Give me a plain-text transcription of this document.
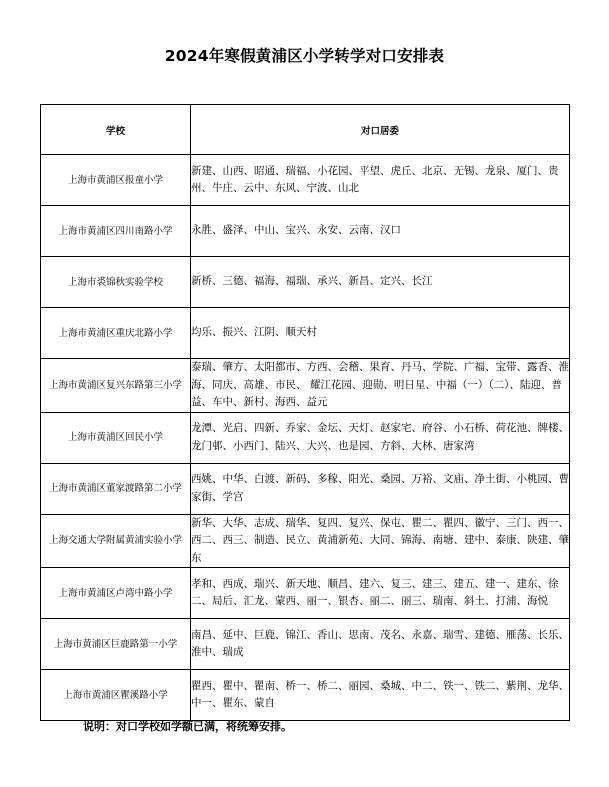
2024年寒假黄浦区小学转学对口安排表
学校	对口居委
上海市黄浦区报童小学	新建、山西、昭通、瑞福、小花园、平望、虎丘、北京、无锡、龙泉、厦门、贵州、牛庄、云中、东风、宁波、山北
上海市黄浦区四川南路小学	永胜、盛泽、中山、宝兴、永安、云南、汉口
上海市裘锦秋实验学校	新桥、三德、福海、福瑞、承兴、新昌、定兴、长江
上海市黄浦区重庆北路小学	均乐、振兴、江阴、顺天村
上海市黄浦区复兴东路第三小学	泰瑞、肇方、太阳都市、方西、会稽、果育、丹马、学院、广福、宝带、露香、淮海、同庆、高雄、市民、 耀江花园、迎勋、明日星、中福（一）（二）、陆迎、普益、车中、新村、海西、益元
上海市黄浦区回民小学	龙潭、光启、四新、乔家、金坛、天灯、赵家宅、府谷、小石桥、荷花池、牌楼、龙门邨、小西门、陆兴、大兴、也是园、方斜、大林、唐家湾
上海市黄浦区董家渡路第二小学	西姚、中华、白渡、新码、多稼、阳光、桑园、万裕、文庙、净土街、小桃园、曹家街、学宫
上海交通大学附属黄浦实验小学	新华、大华、志成、瑞华、复四、复兴、保屯、瞿二、瞿四、徽宁、三门、西一、西二、西三、制造、民立、黄浦新苑、大同、锦海、南塘、建中、泰康、陕建、肇东
上海市黄浦区卢湾中路小学	孝和、西成、瑞兴、新天地、顺昌、建六、复三、建三、建五、建一、建东、徐二、局后、汇龙、蒙西、丽一、银杏、丽二、丽三、瑞南、斜土、打浦、海悦
上海市黄浦区巨鹿路第一小学	南昌、延中、巨鹿、锦江、香山、思南、茂名、永嘉、瑞雪、建德、雁荡、长乐、淮中、瑞成
上海市黄浦区瞿溪路小学	瞿西、瞿中、瞿南、桥一、桥二、丽园、桑城、中二、铁一、铁二、紫荆、龙华、中一、瞿东、蒙自
说明：对口学校如学额已满，将统筹安排。
